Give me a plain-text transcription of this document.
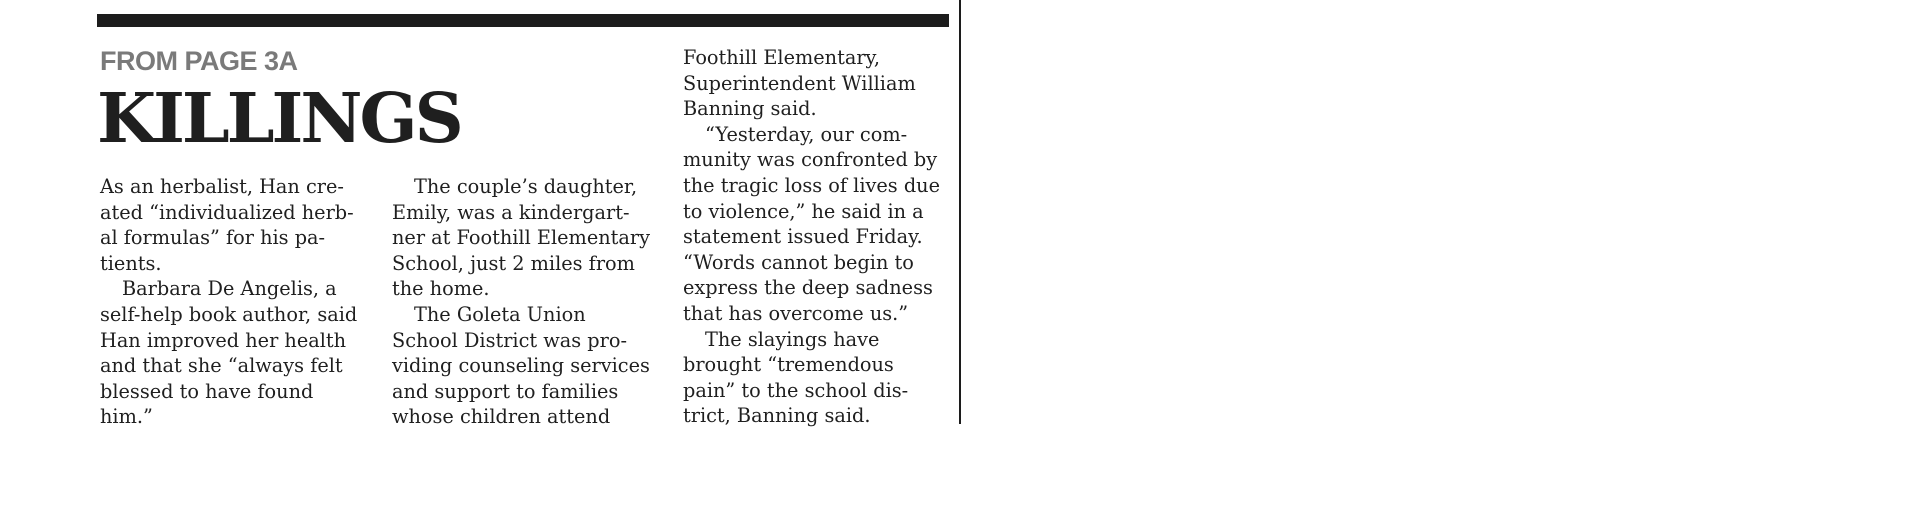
FROM PAGE 3A
KILLINGS

As an herbalist, Han cre-
ated “individualized herb-
al formulas” for his pa-
tients.

Barbara De Angelis, a
self-help book author, said
Han improved her health
and that she “always felt
blessed to have found
him.”

The couple’s daughter,
Emily, was a kindergart-
ner at Foothill Elementary
School, just 2 miles from
the home.

The Goleta Union
School District was pro-
viding counseling services
and support to families
whose children attend

Foothill Elementary,
Superintendent William
Banning said.

“Yesterday, our com-
munity was confronted by
the tragic loss of lives due
to violence,” he said in a
statement issued Friday.
“Words cannot begin to
express the deep sadness
that has overcome us.”

The slayings have
brought “tremendous
pain” to the school dis-
trict, Banning said.
